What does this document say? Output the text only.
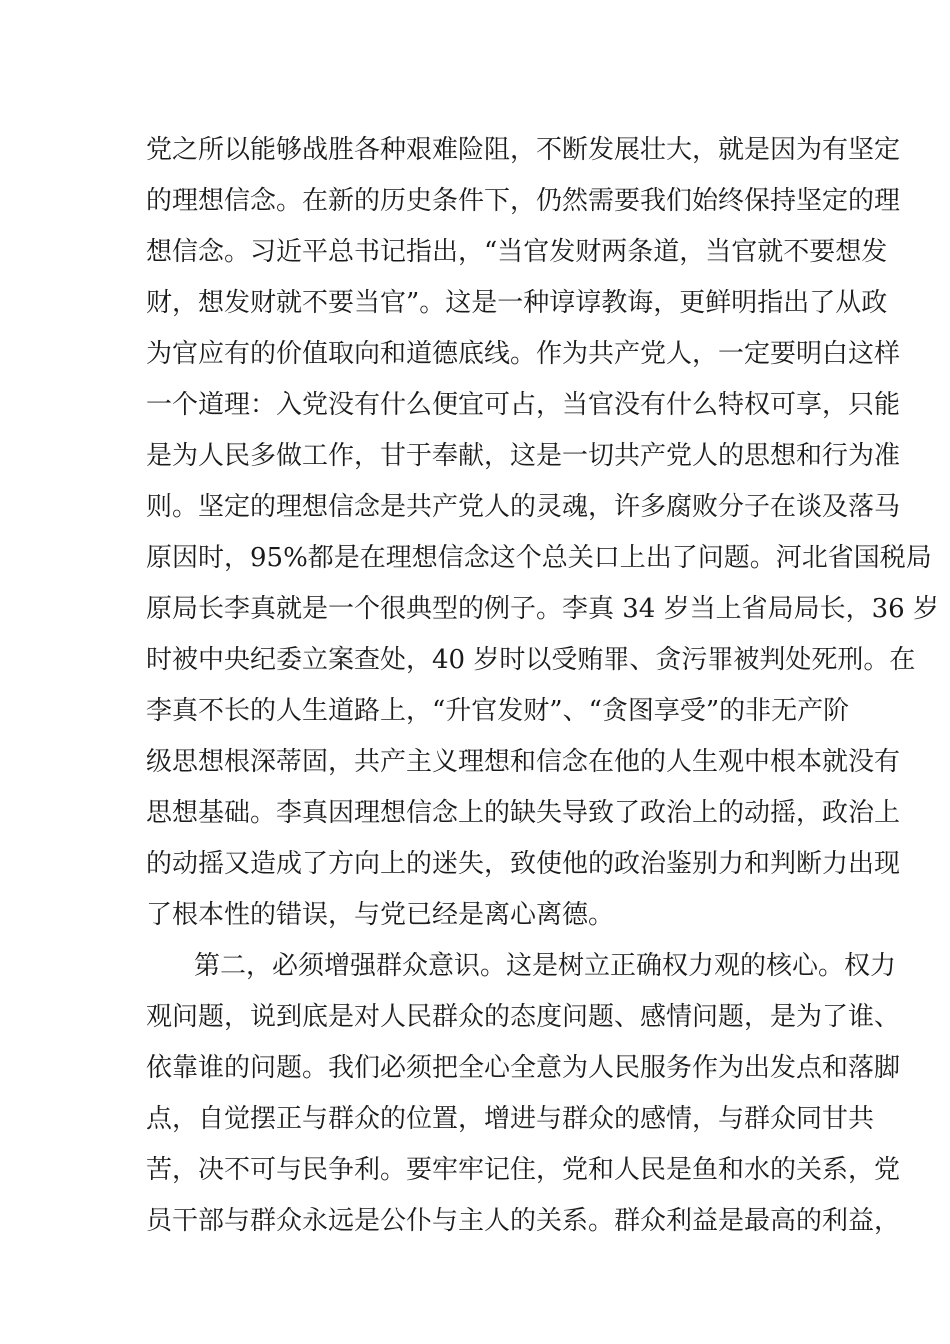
党之所以能够战胜各种艰难险阻，不断发展壮大，就是因为有坚定
的理想信念。在新的历史条件下，仍然需要我们始终保持坚定的理
想信念。习近平总书记指出，“当官发财两条道，当官就不要想发
财，想发财就不要当官”。这是一种谆谆教诲，更鲜明指出了从政
为官应有的价值取向和道德底线。作为共产党人，一定要明白这样
一个道理：入党没有什么便宜可占，当官没有什么特权可享，只能
是为人民多做工作，甘于奉献，这是一切共产党人的思想和行为准
则。坚定的理想信念是共产党人的灵魂，许多腐败分子在谈及落马
原因时，95%都是在理想信念这个总关口上出了问题。河北省国税局
原局长李真就是一个很典型的例子。李真 34 岁当上省局局长，36 岁
时被中央纪委立案查处，40 岁时以受贿罪、贪污罪被判处死刑。在
李真不长的人生道路上，“升官发财”、“贪图享受”的非无产阶
级思想根深蒂固，共产主义理想和信念在他的人生观中根本就没有
思想基础。李真因理想信念上的缺失导致了政治上的动摇，政治上
的动摇又造成了方向上的迷失，致使他的政治鉴别力和判断力出现
了根本性的错误，与党已经是离心离德。
第二，必须增强群众意识。这是树立正确权力观的核心。权力
观问题，说到底是对人民群众的态度问题、感情问题，是为了谁、
依靠谁的问题。我们必须把全心全意为人民服务作为出发点和落脚
点，自觉摆正与群众的位置，增进与群众的感情，与群众同甘共
苦，决不可与民争利。要牢牢记住，党和人民是鱼和水的关系，党
员干部与群众永远是公仆与主人的关系。群众利益是最高的利益，
